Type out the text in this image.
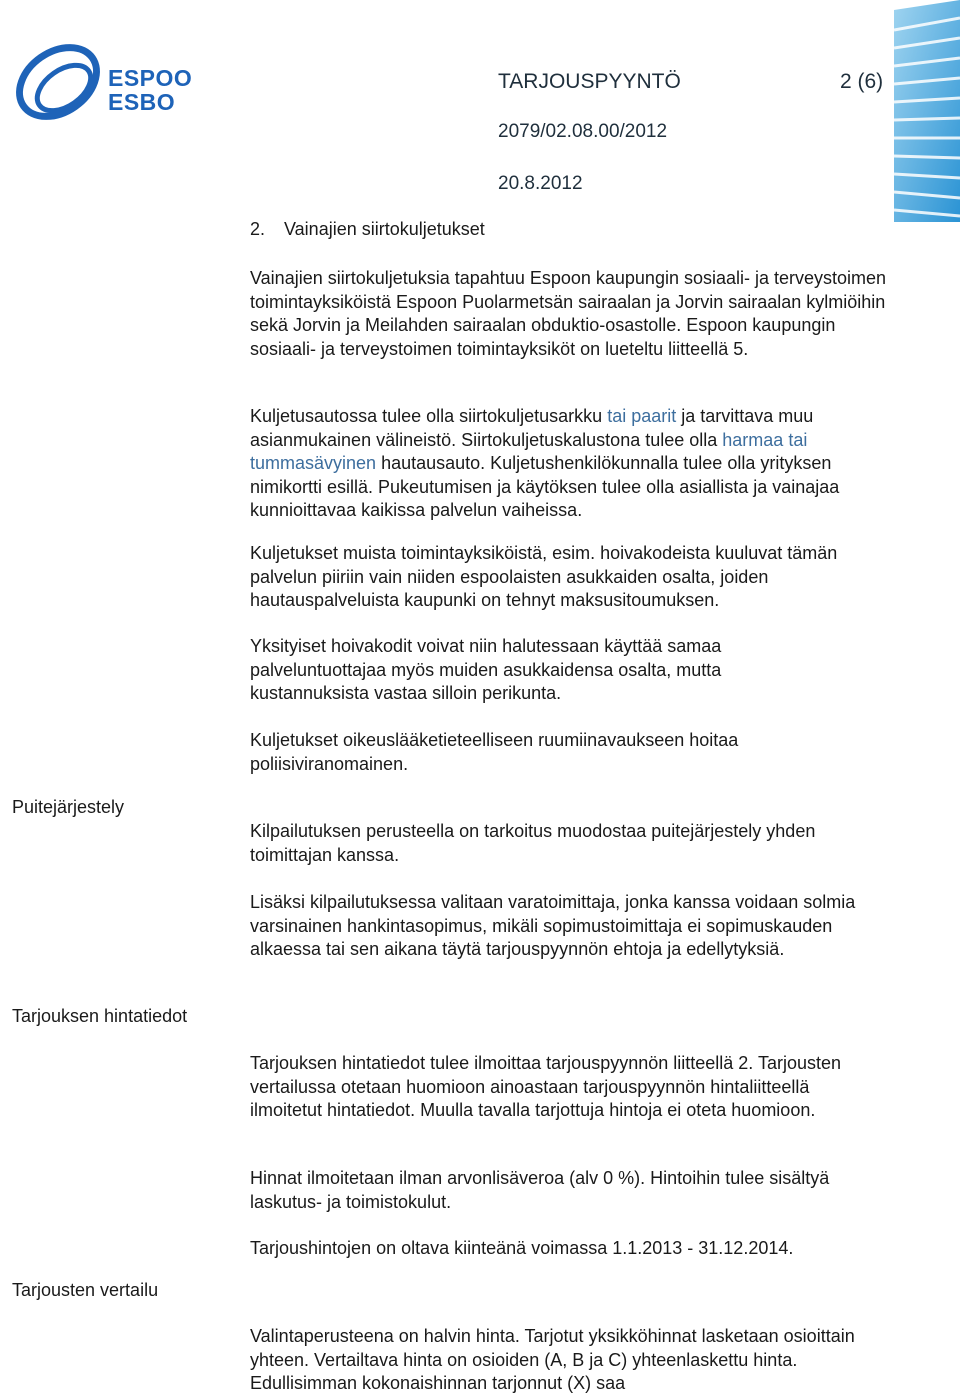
ESPOO
ESBO
TARJOUSPYYNTÖ	2 (6)
2079/02.08.00/2012
20.8.2012
2. Vainajien siirtokuljetukset
Puitejärjestely
Tarjouksen hintatiedot
Tarjousten vertailu
Vainajien siirtokuljetuksia tapahtuu Espoon kaupungin sosiaali- ja terveystoimen toimintayksiköistä Espoon Puolarmetsän sairaalan ja Jorvin sairaalan kylmiöihin sekä Jorvin ja Meilahden sairaalan obduktio-osastolle. Espoon kaupungin sosiaali- ja terveystoimen toimintayksiköt on lueteltu liitteellä 5.
Kuljetusautossa tulee olla siirtokuljetusarkku tai paarit ja tarvittava muu asianmukainen välineistö. Siirtokuljetuskalustona tulee olla harmaa tai tummasävyinen hautausauto. Kuljetushenkilökunnalla tulee olla yrityksen nimikortti esillä. Pukeutumisen ja käytöksen tulee olla asiallista ja vainajaa kunnioittavaa kaikissa palvelun vaiheissa.
Kuljetukset muista toimintayksiköistä, esim. hoivakodeista kuuluvat tämän palvelun piiriin vain niiden espoolaisten asukkaiden osalta, joiden hautauspalveluista kaupunki on tehnyt maksusitoumuksen.
Yksityiset hoivakodit voivat niin halutessaan käyttää samaa palveluntuottajaa myös muiden asukkaidensa osalta, mutta kustannuksista vastaa silloin perikunta.
Kuljetukset oikeuslääketieteelliseen ruumiinavaukseen hoitaa poliisiviranomainen.
Kilpailutuksen perusteella on tarkoitus muodostaa puitejärjestely yhden toimittajan kanssa.
Lisäksi kilpailutuksessa valitaan varatoimittaja, jonka kanssa voidaan solmia varsinainen hankintasopimus, mikäli sopimustoimittaja ei sopimuskauden alkaessa tai sen aikana täytä tarjouspyynnön ehtoja ja edellytyksiä.
Tarjouksen hintatiedot tulee ilmoittaa tarjouspyynnön liitteellä 2. Tarjousten vertailussa otetaan huomioon ainoastaan tarjouspyynnön hintaliitteellä ilmoitetut hintatiedot. Muulla tavalla tarjottuja hintoja ei oteta huomioon.
Hinnat ilmoitetaan ilman arvonlisäveroa (alv 0 %). Hintoihin tulee sisältyä laskutus- ja toimistokulut.
Tarjoushintojen on oltava kiinteänä voimassa 1.1.2013 - 31.12.2014.
Valintaperusteena on halvin hinta. Tarjotut yksikköhinnat lasketaan osioittain yhteen. Vertailtava hinta on osioiden (A, B ja C) yhteenlaskettu hinta. Edullisimman kokonaishinnan tarjonnut (X) saa
